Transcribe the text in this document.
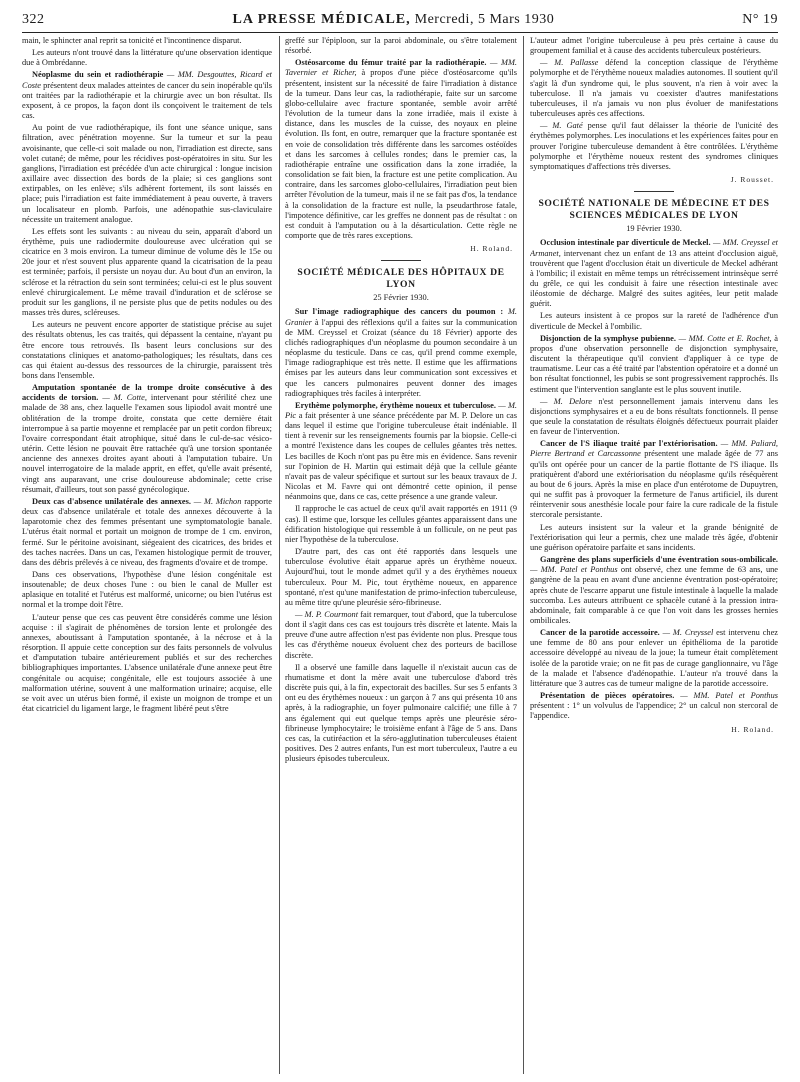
322	LA PRESSE MÉDICALE, Mercredi, 5 Mars 1930	N° 19

main, le sphincter anal reprit sa tonicité et l'incontinence disparut.

Les auteurs n'ont trouvé dans la littérature qu'une observation identique due à Ombrédanne.

Néoplasme du sein et radiothérapie — MM. Desgouttes, Ricard et Coste présentent deux malades atteintes de cancer du sein inopérable qu'ils ont traitées par la radiothérapie et la chirurgie avec un bon résultat. Ils exposent, à ce propos, la façon dont ils conçoivent le traitement de tels cas.

Au point de vue radiothérapique, ils font une séance unique, sans filtration, avec pénétration moyenne. Sur la tumeur et sur la peau avoisinante, que celle-ci soit malade ou non, l'irradiation est directe, sans volet cutané; de même, pour les récidives post-opératoires in situ. Sur les ganglions, l'irradiation est précédée d'un acte chirurgical : longue incision axillaire avec dissection des bords de la plaie; si ces ganglions sont extirpables, on les enlève; s'ils adhèrent fortement, ils sont laissés en place; puis l'irradiation est faite immédiatement à peau ouverte, à travers un localisateur en plomb. Parfois, une adénopathie sus-claviculaire nécessite un traitement analogue.

Les effets sont les suivants : au niveau du sein, apparaît d'abord un érythème, puis une radiodermite douloureuse avec ulcération qui se cicatrice en 3 mois environ. La tumeur diminue de volume dès le 15e ou 20e jour et n'est souvent plus apparente quand la cicatrisation de la peau est terminée; parfois, il persiste un noyau dur. Au bout d'un an environ, la sclérose et la rétraction du sein sont terminées; celui-ci est le plus souvent enlevé chirurgicalement. Le même travail d'induration et de sclérose se produit sur les ganglions, il ne persiste plus que de petits nodules ou des masses très dures, scléreuses.

Les auteurs ne peuvent encore apporter de statistique précise au sujet des résultats obtenus, les cas traités, qui dépassent la centaine, n'ayant pu être encore tous retrouvés. Ils basent leurs conclusions sur des constatations cliniques et anatomo-pathologiques; les résultats, dans ces cas qui étaient au-dessus des ressources de la chirurgie, paraissent très bons dans l'ensemble.

Amputation spontanée de la trompe droite consécutive à des accidents de torsion. — M. Cotte, intervenant pour stérilité chez une malade de 38 ans, chez laquelle l'examen sous lipiodol avait montré une oblitération de la trompe droite, constata que cette dernière était interrompue à sa partie moyenne et remplacée par un petit cordon fibreux; l'ovaire correspondant était atrophique, situé dans le cul-de-sac vésico-utérin. Cette lésion ne pouvait être rattachée qu'à une torsion spontanée ancienne des annexes droites ayant abouti à l'amputation tubaire. Un nouvel interrogatoire de la malade apprit, en effet, qu'elle avait présenté, vingt ans auparavant, une crise douloureuse abdominale; cette crise résumait, d'ailleurs, tout son passé gynécologique.

Deux cas d'absence unilatérale des annexes. — M. Michon rapporte deux cas d'absence unilatérale et totale des annexes découverte à la laparotomie chez des femmes présentant une symptomatologie banale. L'utérus était normal et portait un moignon de trompe de 1 cm. environ, fermé. Sur le péritoine avoisinant, siégeaient des cicatrices, des brides et des taches nacrées. Dans un cas, l'examen histologique permit de trouver, dans des débris prélevés à ce niveau, des fragments d'ovaire et de trompe.

Dans ces observations, l'hypothèse d'une lésion congénitale est insoutenable; de deux choses l'une : ou bien le canal de Muller est aplasique en totalité et l'utérus est malformé, unicorne; ou bien l'utérus est normal et la trompe doit l'être.

L'auteur pense que ces cas peuvent être considérés comme une lésion acquise : il s'agirait de phénomènes de torsion lente et prolongée des annexes, aboutissant à l'amputation spontanée, à la nécrose et à la résorption. Il appuie cette conception sur des faits personnels de volvulus et d'amputation tubaire antérieurement publiés et sur des recherches bibliographiques importantes. L'absence unilatérale d'une annexe peut être congénitale ou acquise; congénitale, elle est toujours associée à une malformation utérine, souvent à une malformation urinaire; acquise, elle se voit avec un utérus bien formé, il existe un moignon de trompe et un état cicatriciel du ligament large, le fragment libéré peut s'être

greffé sur l'épiploon, sur la paroi abdominale, ou s'être totalement résorbé.

Ostéosarcome du fémur traité par la radiothérapie. — MM. Tavernier et Richer, à propos d'une pièce d'ostéosarcome qu'ils présentent, insistent sur la nécessité de faire l'irradiation à distance de la tumeur. Dans leur cas, la radiothérapie, faite sur un sarcome globo-cellulaire avec fracture spontanée, semble avoir arrêté l'évolution de la tumeur dans la zone irradiée, mais il existe à distance, dans les muscles de la cuisse, des noyaux en pleine évolution. Ils font, en outre, remarquer que la fracture spontanée est en voie de consolidation très différente dans les sarcomes ostéoïdes et dans les sarcomes à cellules rondes; dans le premier cas, la radiothérapie entraîne une ossification dans la zone irradiée, la consolidation se fait bien, la fracture est une petite complication. Au contraire, dans les sarcomes globo-cellulaires, l'irradiation peut bien arrêter l'évolution de la tumeur, mais il ne se fait pas d'os, la tendance à la consolidation de la fracture est nulle, la pseudarthrose fatale, l'impotence définitive, car les greffes ne donnent pas de résultat : on est conduit à l'amputation ou à la désarticulation. Cette règle ne comporte que de très rares exceptions.

H. Roland.

SOCIÉTÉ MÉDICALE DES HÔPITAUX DE LYON
25 Février 1930.

Sur l'image radiographique des cancers du poumon : M. Granier à l'appui des réflexions qu'il a faites sur la communication de MM. Creyssel et Croizat (séance du 18 Février) apporte des clichés radiographiques d'un néoplasme du poumon secondaire à un néoplasme du testicule. Dans ce cas, qu'il prend comme exemple, l'image radiographique est très nette. Il estime que les affirmations émises par les auteurs dans leur communication sont excessives et que les cancers pulmonaires peuvent donner des images radiographiques très faciles à interpréter.

Erythème polymorphe, érythème noueux et tuberculose. — M. Pic a fait présenter à une séance précédente par M. P. Delore un cas dans lequel il estime que l'origine tuberculeuse était indéniable. Il tient à revenir sur les renseignements fournis par la biopsie. Celle-ci a montré l'existence dans les coupes de cellules géantes très nettes. Les bacilles de Koch n'ont pas pu être mis en évidence. Sans revenir sur l'opinion de H. Martin qui estimait déjà que la cellule géante n'avait pas de valeur spécifique et surtout sur les beaux travaux de J. Nicolas et M. Favre qui ont démontré cette opinion, il pense néanmoins que, dans ce cas, cette présence a une grande valeur.

Il rapproche le cas actuel de ceux qu'il avait rapportés en 1911 (9 cas). Il estime que, lorsque les cellules géantes apparaissent dans une édification histologique qui ressemble à un follicule, on ne peut pas nier l'hypothèse de la tuberculose.

D'autre part, des cas ont été rapportés dans lesquels une tuberculose évolutive était apparue après un érythème noueux. Aujourd'hui, tout le monde admet qu'il y a des érythèmes noueux tuberculeux. Pour M. Pic, tout érythème noueux, en apparence spontané, n'est qu'une manifestation de primo-infection tuberculeuse, au même titre qu'une pleurésie séro-fibrineuse.

— M. P. Courmont fait remarquer, tout d'abord, que la tuberculose dont il s'agit dans ces cas est toujours très discrète et latente. Mais la preuve d'une autre affection n'est pas évidente non plus. Presque tous les cas d'érythème noueux évoluent chez des porteurs de bacillose discrète.

Il a observé une famille dans laquelle il n'existait aucun cas de rhumatisme et dont la mère avait une tuberculose d'abord très discrète puis qui, à la fin, expectorait des bacilles. Sur ses 5 enfants 3 ont eu des érythèmes noueux : un garçon à 7 ans qui présenta 10 ans après, à la radiographie, un foyer pulmonaire calcifié; une fille à 7 ans également qui eut quelque temps après une pleurésie séro-fibrineuse lymphocytaire; le troisième enfant à l'âge de 5 ans. Dans ces cas, la cutiréaction et la séro-agglutination tuberculeuses étaient positives. Des 2 autres enfants, l'un est mort tuberculeux, l'autre a eu plusieurs épisodes tuberculeux.

L'auteur admet l'origine tuberculeuse à peu près certaine à cause du groupement familial et à cause des accidents tuberculeux postérieurs.

— M. Pallasse défend la conception classique de l'érythème polymorphe et de l'érythème noueux maladies autonomes. Il soutient qu'il s'agit là d'un syndrome qui, le plus souvent, n'a rien à voir avec la tuberculose. Il n'a jamais vu coexister d'autres manifestations tuberculeuses, il n'a jamais vu non plus évoluer de manifestations tuberculeuses après ces affections.

— M. Gaté pense qu'il faut délaisser la théorie de l'unicité des érythèmes polymorphes. Les inoculations et les expériences faites pour en prouver l'origine tuberculeuse demandent à être contrôlées. L'érythème polymorphe et l'érythème noueux restent des syndromes cliniques symptomatiques d'affections très diverses.

J. Rousset.

SOCIÉTÉ NATIONALE DE MÉDECINE ET DES SCIENCES MÉDICALES DE LYON
19 Février 1930.

Occlusion intestinale par diverticule de Meckel. — MM. Creyssel et Armanet, intervenant chez un enfant de 13 ans atteint d'occlusion aiguë, trouvèrent que l'agent d'occlusion était un diverticule de Meckel adhérant à l'ombilic; il existait en même temps un rétrécissement intrinsèque serré du grêle, ce qui les conduisit à faire une résection intestinale avec iléostomie de décharge. Malgré des suites agitées, leur petit malade guérit.

Les auteurs insistent à ce propos sur la rareté de l'adhérence d'un diverticule de Meckel à l'ombilic.

Disjonction de la symphyse pubienne. — MM. Cotte et E. Rochet, à propos d'une observation personnelle de disjonction symphysaire, discutent la thérapeutique qu'il convient d'appliquer à ce type de traumatisme. Leur cas a été traité par l'abstention opératoire et a donné un bon résultat fonctionnel, les pubis se sont progressivement rapprochés. Ils estiment que l'intervention sanglante est le plus souvent inutile.

— M. Delore n'est personnellement jamais intervenu dans les disjonctions symphysaires et a eu de bons résultats fonctionnels. Il pense que seule la constatation de résultats éloignés défectueux pourrait plaider en faveur de l'intervention.

Cancer de l'S iliaque traité par l'extériorisation. — MM. Paliard, Pierre Bertrand et Carcassonne présentent une malade âgée de 77 ans qu'ils ont opérée pour un cancer de la partie flottante de l'S iliaque. Ils pratiquèrent d'abord une extériorisation du néoplasme qu'ils réséquèrent au bout de 6 jours. Après la mise en place d'un entérotome de Dupuytren, qui ne suffit pas à provoquer la fermeture de l'anus artificiel, ils durent réintervenir sous anesthésie locale pour faire la cure radicale de la fistule stercorale persistante.

Les auteurs insistent sur la valeur et la grande bénignité de l'extériorisation qui leur a permis, chez une malade très âgée, d'obtenir une guérison opératoire parfaite et sans incidents.

Gangrène des plans superficiels d'une éventration sous-ombilicale. — MM. Patel et Ponthus ont observé, chez une femme de 63 ans, une gangrène de la peau en avant d'une ancienne éventration post-opératoire; après chute de l'escarre apparut une fistule intestinale à laquelle la malade succomba. Les auteurs attribuent ce sphacèle cutané à la pression intra-abdominale, fait comparable à ce que l'on voit dans les grosses hernies ombilicales.

Cancer de la parotide accessoire. — M. Creyssel est intervenu chez une femme de 80 ans pour enlever un épithélioma de la parotide accessoire développé au niveau de la joue; la tumeur était complètement isolée de la parotide vraie; on ne fit pas de curage ganglionnaire, vu l'âge de la malade et l'absence d'adénopathie. L'auteur n'a trouvé dans la littérature que 3 autres cas de tumeur maligne de la parotide accessoire.

Présentation de pièces opératoires. — MM. Patel et Ponthus présentent : 1° un volvulus de l'appendice; 2° un calcul non stercoral de l'appendice.

H. Roland.
